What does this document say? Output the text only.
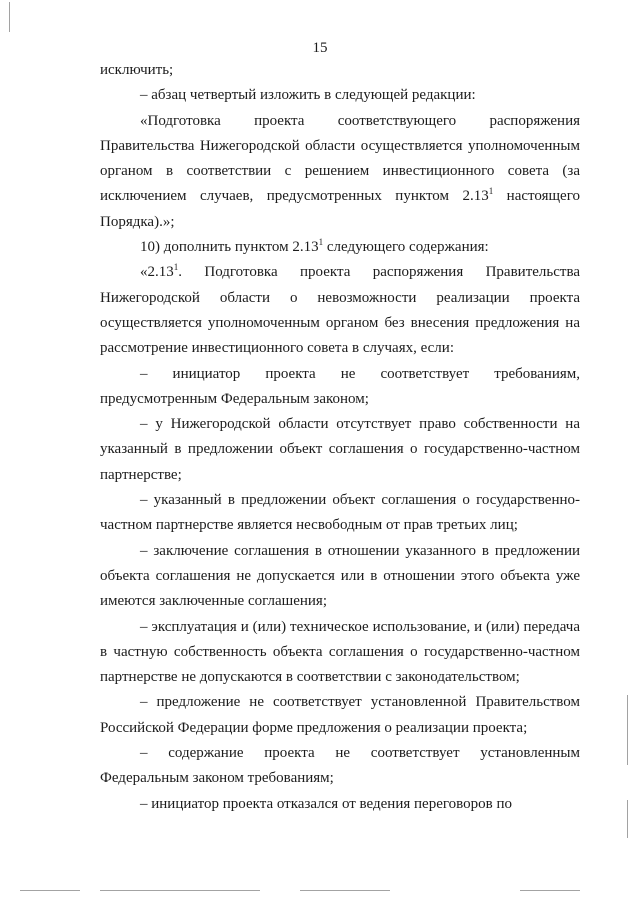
15

исключить;

– абзац четвертый изложить в следующей редакции:

«Подготовка проекта соответствующего распоряжения Правительства Нижегородской области осуществляется уполномоченным органом в соответствии с решением инвестиционного совета (за исключением случаев, предусмотренных пунктом 2.13$^1$ настоящего Порядка).»;

10) дополнить пунктом 2.13$^1$ следующего содержания:

«2.13$^1$. Подготовка проекта распоряжения Правительства Нижегородской области о невозможности реализации проекта осуществляется уполномоченным органом без внесения предложения на рассмотрение инвестиционного совета в случаях, если:

– инициатор проекта не соответствует требованиям, предусмотренным Федеральным законом;

– у Нижегородской области отсутствует право собственности на указанный в предложении объект соглашения о государственно-частном партнерстве;

– указанный в предложении объект соглашения о государственно-частном партнерстве является несвободным от прав третьих лиц;

– заключение соглашения в отношении указанного в предложении объекта соглашения не допускается или в отношении этого объекта уже имеются заключенные соглашения;

– эксплуатация и (или) техническое использование, и (или) передача в частную собственность объекта соглашения о государственно-частном партнерстве не допускаются в соответствии с законодательством;

– предложение не соответствует установленной Правительством Российской Федерации форме предложения о реализации проекта;

– содержание проекта не соответствует установленным Федеральным законом требованиям;

– инициатор проекта отказался от ведения переговоров по
